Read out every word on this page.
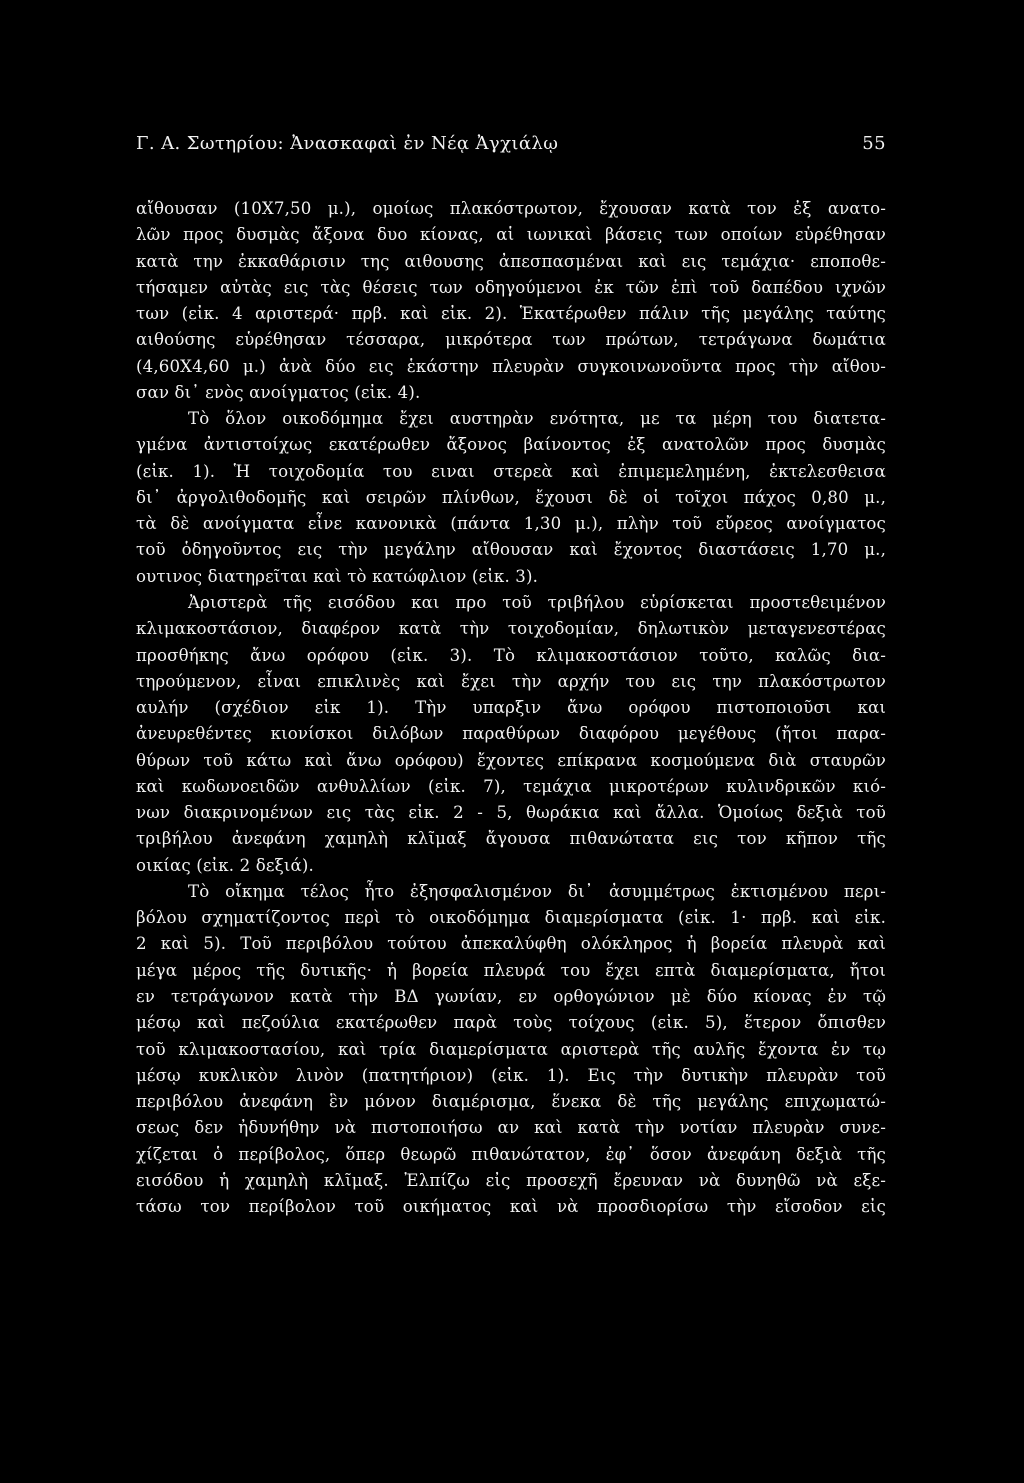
Γ. Α. Σωτηρίου: Ἀνασκαφαὶ ἐν Νέᾳ Ἀγχιάλῳ	55
αἴθουσαν (10Χ7,50 μ.), ομοίως πλακόστρωτον, ἔχουσαν κατὰ τον ἐξ ανατο-
λῶν προς δυσμὰς ἄξονα δυο κίονας, αἱ ιωνικαὶ βάσεις των οποίων εὑρέθησαν
κατὰ την ἐκκαθάρισιν της αιθουσης ἀπεσπασμέναι καὶ εις τεμάχια· εποποθε-
τήσαμεν αὐτὰς εις τὰς θέσεις των οδηγούμενοι ἐκ τῶν ἐπὶ τοῦ δαπέδου ιχνῶν
των (εἰκ. 4 αριστερά· πρβ. καὶ εἰκ. 2). Ἑκατέρωθεν πάλιν τῆς μεγάλης ταύτης
αιθούσης εὑρέθησαν τέσσαρα, μικρότερα των πρώτων, τετράγωνα δωμάτια
(4,60Χ4,60 μ.) ἀνὰ δύο εις ἑκάστην πλευρὰν συγκοινωνοῦντα προς τὴν αἴθου-
σαν δι᾽ ενὸς ανοίγματος (εἰκ. 4).
Τὸ ὅλον οικοδόμημα ἔχει αυστηρὰν ενότητα, με τα μέρη του διατετα-
γμένα ἀντιστοίχως εκατέρωθεν ἄξονος βαίνοντος ἐξ ανατολῶν προς δυσμὰς
(εἰκ. 1). Ἡ τοιχοδομία του ειναι στερεὰ καὶ ἐπιμεμελημένη, ἐκτελεσθεισα
δι᾽ ἀργολιθοδομῆς καὶ σειρῶν πλίνθων, ἔχουσι δὲ οἱ τοῖχοι πάχος 0,80 μ.,
τὰ δὲ ανοίγματα εἶνε κανονικὰ (πάντα 1,30 μ.), πλὴν τοῦ εὔρεος ανοίγματος
τοῦ ὁδηγοῦντος εις τὴν μεγάλην αἴθουσαν καὶ ἔχοντος διαστάσεις 1,70 μ.,
ουτινος διατηρεῖται καὶ τὸ κατώφλιον (εἰκ. 3).
Ἀριστερὰ τῆς εισόδου και προ τοῦ τριβήλου εὑρίσκεται προστεθειμένον
κλιμακοστάσιον, διαφέρον κατὰ τὴν τοιχοδομίαν, δηλωτικὸν μεταγενεστέρας
προσθήκης ἄνω ορόφου (εἰκ. 3). Τὸ κλιμακοστάσιον τοῦτο, καλῶς δια-
τηρούμενον, εἶναι επικλινὲς καὶ ἔχει τὴν αρχήν του εις την πλακόστρωτον
αυλήν (σχέδιον εἰκ 1). Τὴν υπαρξιν ἄνω ορόφου πιστοποιοῦσι και
ἀνευρεθέντες κιονίσκοι διλόβων παραθύρων διαφόρου μεγέθους (ἤτοι παρα-
θύρων τοῦ κάτω καὶ ἄνω ορόφου) ἔχοντες επίκρανα κοσμούμενα διὰ σταυρῶν
καὶ κωδωνοειδῶν ανθυλλίων (εἰκ. 7), τεμάχια μικροτέρων κυλινδρικῶν κιό-
νων διακρινομένων εις τὰς εἰκ. 2 - 5, θωράκια καὶ ἄλλα. Ὁμοίως δεξιὰ τοῦ
τριβήλου ἀνεφάνη χαμηλὴ κλῖμαξ ἄγουσα πιθανώτατα εις τον κῆπον τῆς
οικίας (εἰκ. 2 δεξιά).
Τὸ οἴκημα τέλος ἦτο ἐξησφαλισμένον δι᾽ ἀσυμμέτρως ἐκτισμένου περι-
βόλου σχηματίζοντος περὶ τὸ οικοδόμημα διαμερίσματα (εἰκ. 1· πρβ. καὶ εἰκ.
2 καὶ 5). Τοῦ περιβόλου τούτου ἀπεκαλύφθη ολόκληρος ἡ βορεία πλευρὰ καὶ
μέγα μέρος τῆς δυτικῆς· ἡ βορεία πλευρά του ἔχει επτὰ διαμερίσματα, ἤτοι
εν τετράγωνον κατὰ τὴν ΒΔ γωνίαν, εν ορθογώνιον μὲ δύο κίονας ἐν τῷ
μέσῳ καὶ πεζούλια εκατέρωθεν παρὰ τοὺς τοίχους (εἰκ. 5), ἕτερον ὄπισθεν
τοῦ κλιμακοστασίου, καὶ τρία διαμερίσματα αριστερὰ τῆς αυλῆς ἔχοντα ἐν τῳ
μέσῳ κυκλικὸν λινὸν (πατητήριον) (εἰκ. 1). Εις τὴν δυτικὴν πλευρὰν τοῦ
περιβόλου ἀνεφάνη ἓν μόνον διαμέρισμα, ἕνεκα δὲ τῆς μεγάλης επιχωματώ-
σεως δεν ἠδυνήθην νὰ πιστοποιήσω αν καὶ κατὰ τὴν νοτίαν πλευρὰν συνε-
χίζεται ὁ περίβολος, ὅπερ θεωρῶ πιθανώτατον, ἐφ᾽ ὅσον ἀνεφάνη δεξιὰ τῆς
εισόδου ἡ χαμηλὴ κλῖμαξ. Ἐλπίζω εἰς προσεχῆ ἔρευναν νὰ δυνηθῶ νὰ εξε-
τάσω τον περίβολον τοῦ οικήματος καὶ νὰ προσδιορίσω τὴν εἴσοδον εἰς
